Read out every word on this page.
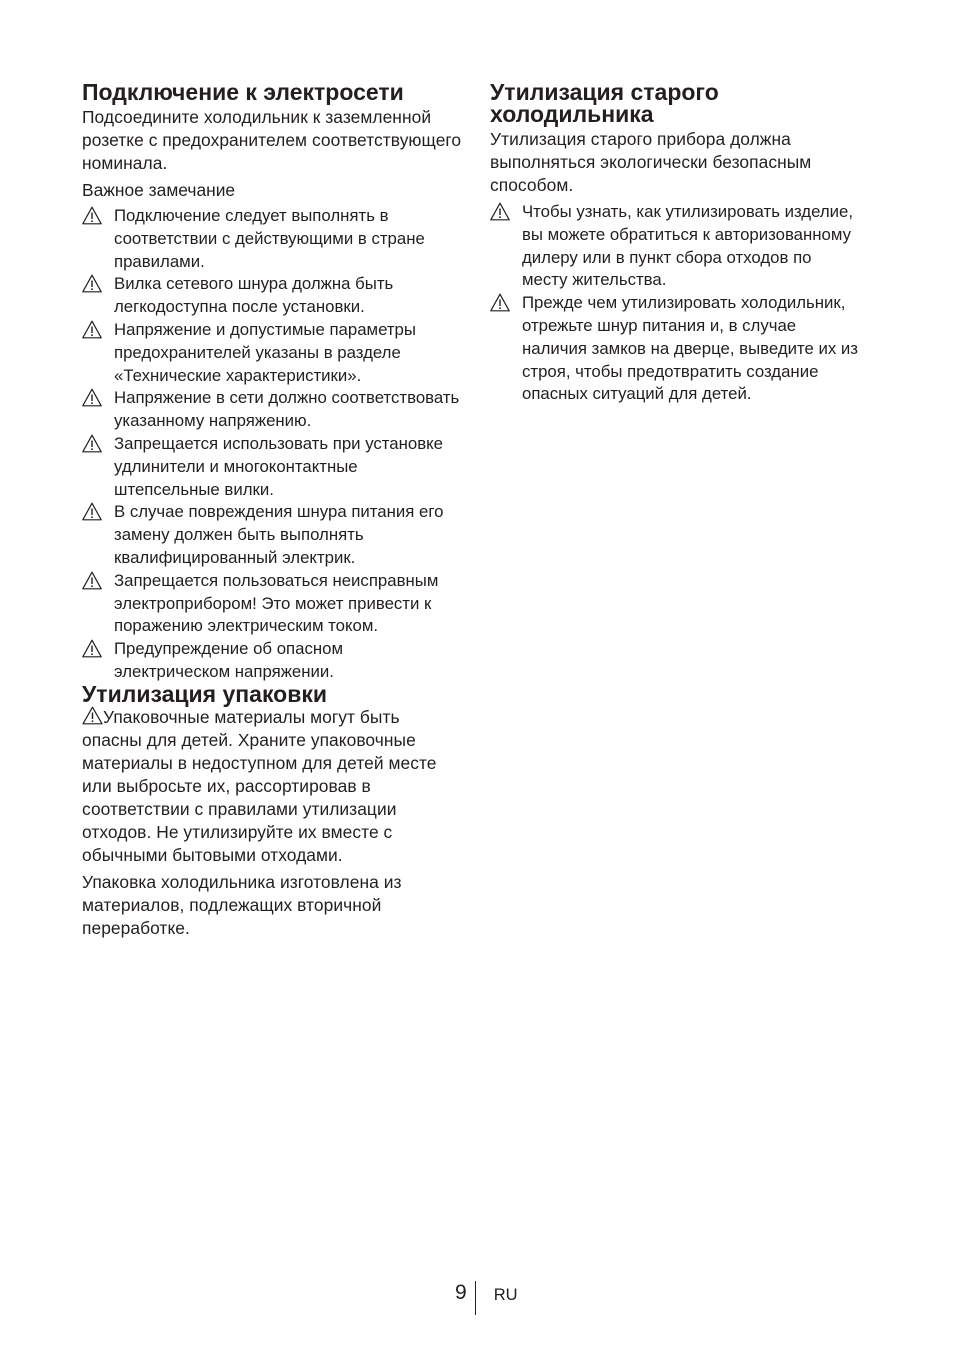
Подключение к электросети

Подсоедините холодильник к заземленной розетке с предохранителем соответствующего номинала.

Важное замечание

Подключение следует выполнять в соответствии с действующими в стране правилами.
Вилка сетевого шнура должна быть легкодоступна после установки.
Напряжение и допустимые параметры предохранителей указаны в разделе «Технические характеристики».
Напряжение в сети должно соответствовать указанному напряжению.
Запрещается использовать при установке удлинители и многоконтактные штепсельные вилки.
В случае повреждения шнура питания его замену должен быть выполнять квалифицированный электрик.
Запрещается пользоваться неисправным электроприбором! Это может привести к поражению электрическим током.
Предупреждение об опасном электрическом напряжении.
Утилизация упаковки

Упаковочные материалы могут быть опасны для детей. Храните упаковочные материалы в недоступном для детей месте или выбросьте их, рассортировав в соответствии с правилами утилизации отходов. Не утилизируйте их вместе с обычными бытовыми отходами.

Упаковка холодильника изготовлена из материалов, подлежащих вторичной переработке.

Утилизация старого
холодильника

Утилизация старого прибора должна выполняться экологически безопасным способом.

Чтобы узнать, как утилизировать изделие, вы можете обратиться к авторизованному дилеру или в пункт сбора отходов по месту жительства.
Прежде чем утилизировать холодильник, отрежьте шнур питания и, в случае наличия замков на дверце, выведите их из строя, чтобы предотвратить создание опасных ситуаций для детей.
9 RU
